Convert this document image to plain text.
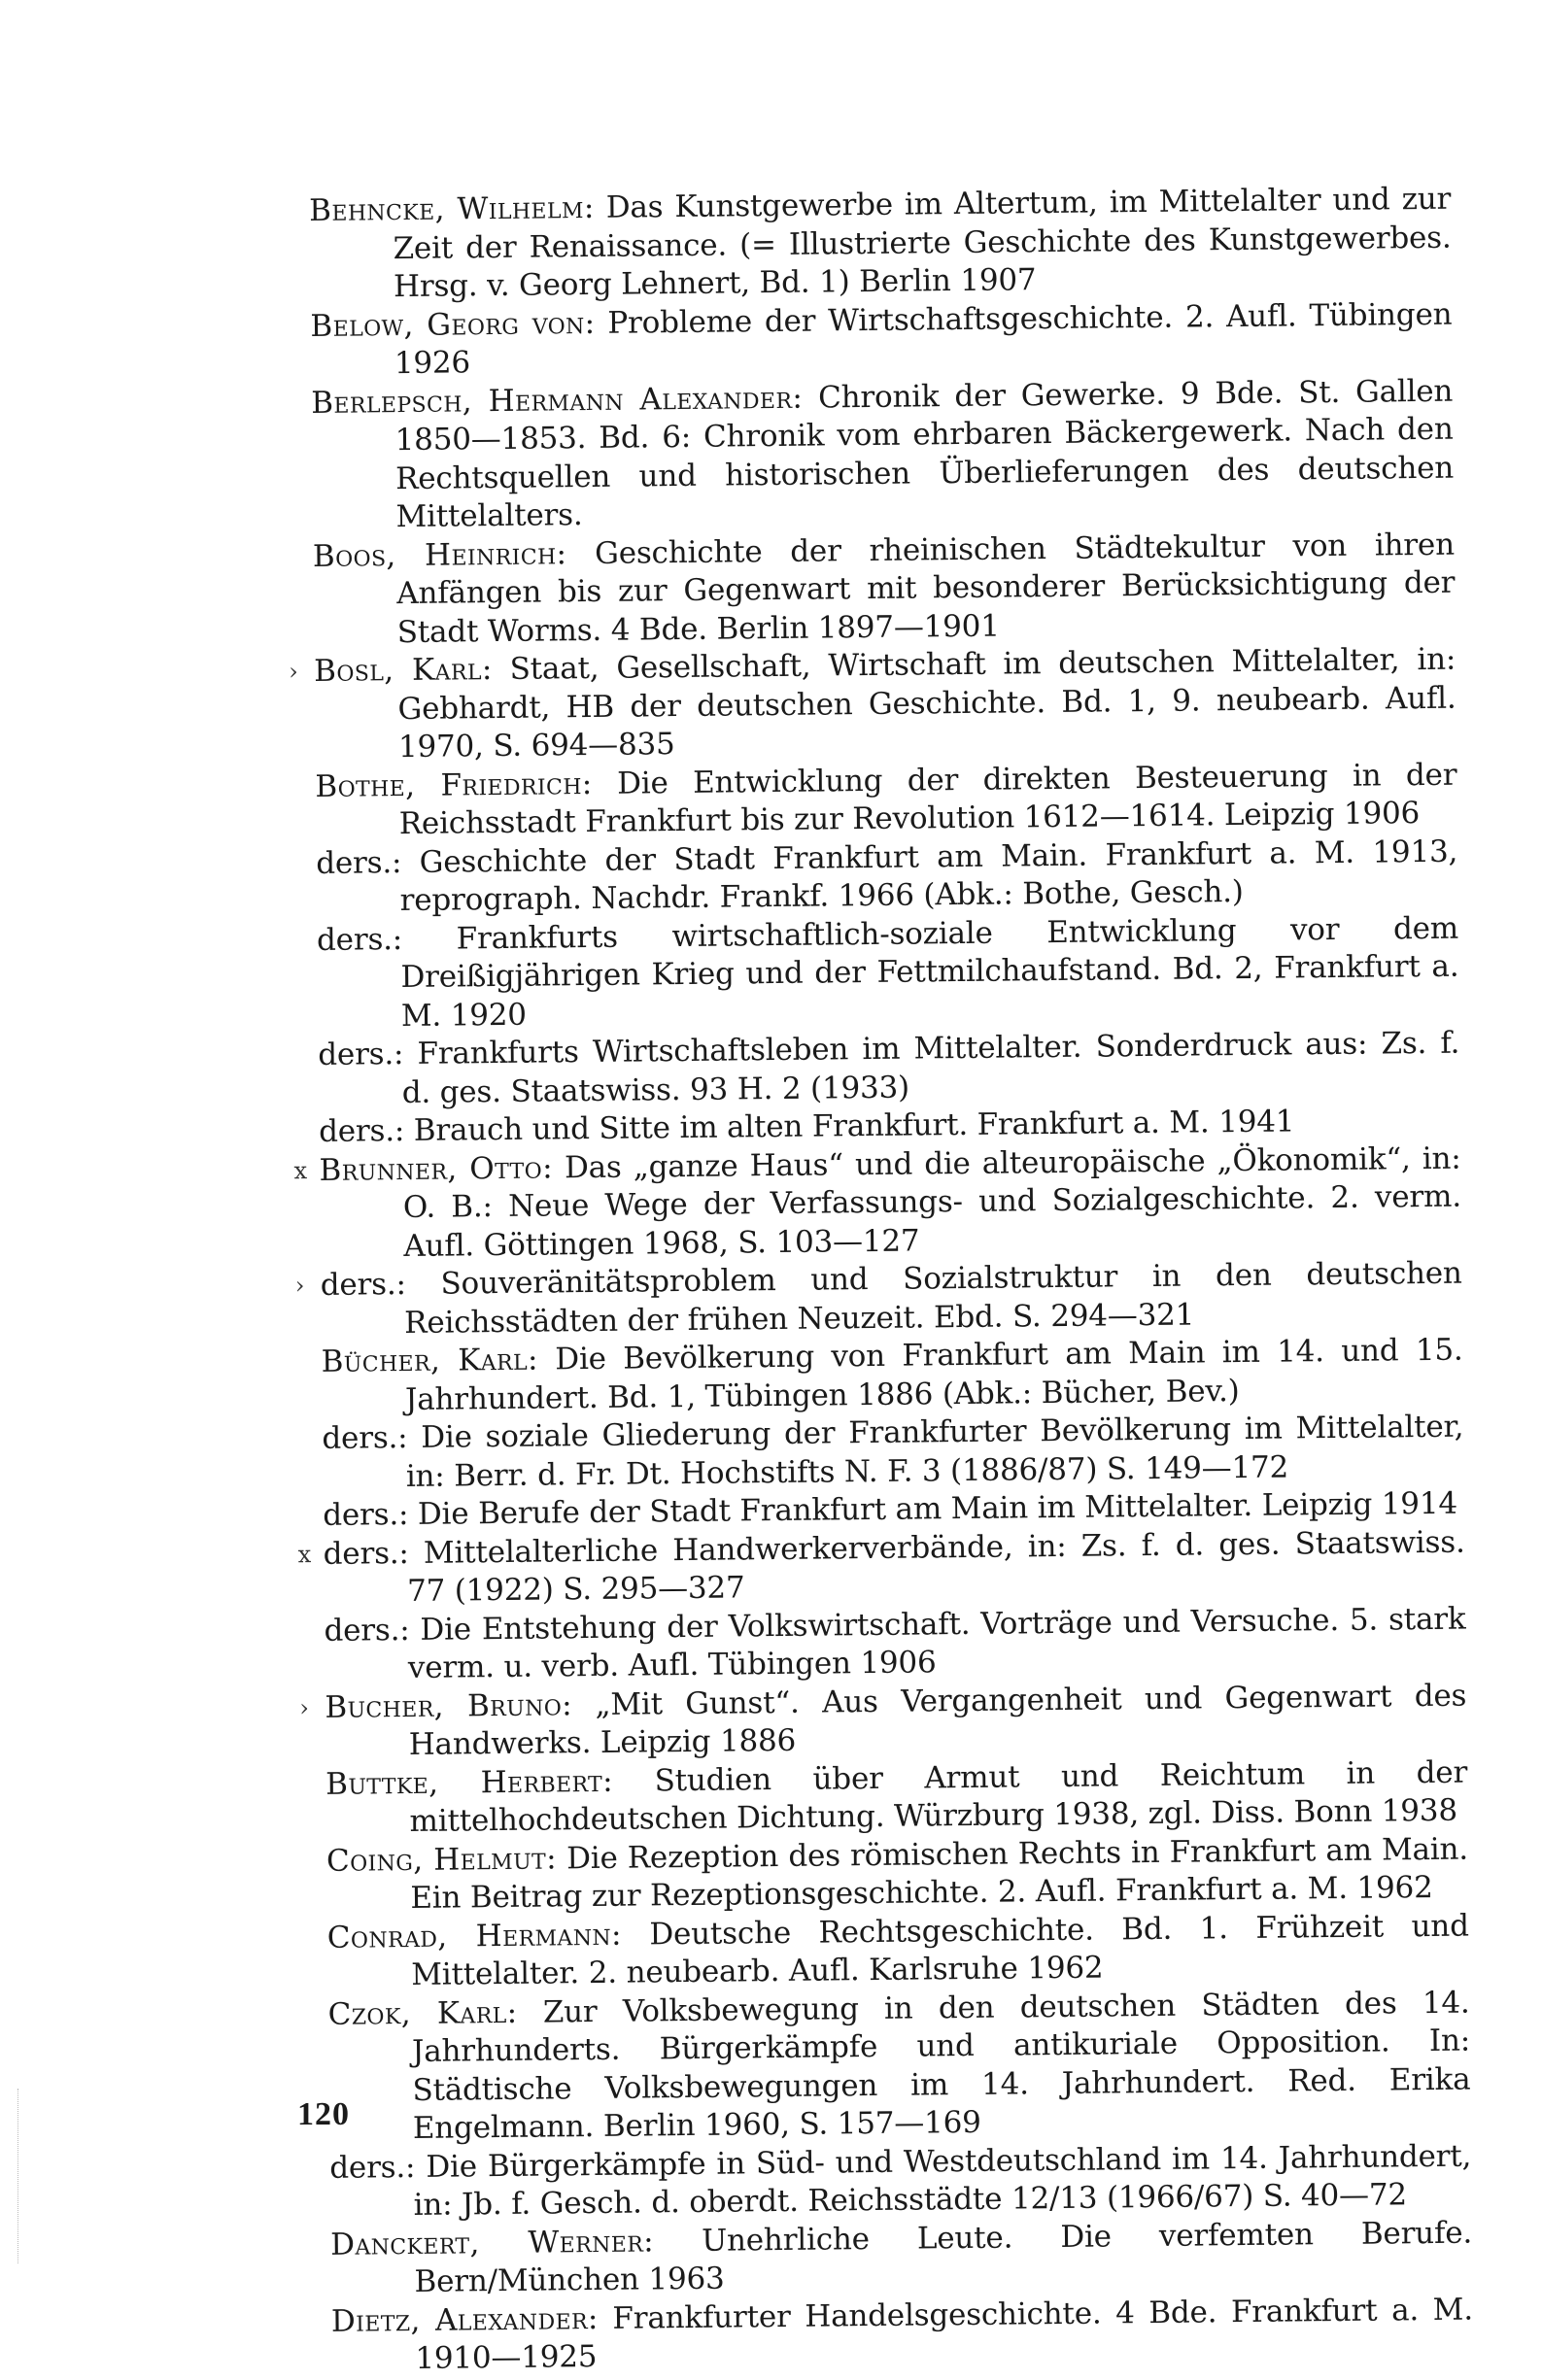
Behncke, Wilhelm: Das Kunstgewerbe im Altertum, im Mittelalter und zur Zeit der Renaissance. (= Illustrierte Geschichte des Kunstgewerbes. Hrsg. v. Georg Lehnert, Bd. 1) Berlin 1907

Below, Georg von: Probleme der Wirtschaftsgeschichte. 2. Aufl. Tübingen 1926

Berlepsch, Hermann Alexander: Chronik der Gewerke. 9 Bde. St. Gallen 1850—1853. Bd. 6: Chronik vom ehrbaren Bäckergewerk. Nach den Rechtsquellen und historischen Überlieferungen des deutschen Mittelalters.

Boos, Heinrich: Geschichte der rheinischen Städtekultur von ihren Anfängen bis zur Gegenwart mit besonderer Berücksichtigung der Stadt Worms. 4 Bde. Berlin 1897—1901

› Bosl, Karl: Staat, Gesellschaft, Wirtschaft im deutschen Mittelalter, in: Gebhardt, HB der deutschen Geschichte. Bd. 1, 9. neubearb. Aufl. 1970, S. 694—835

Bothe, Friedrich: Die Entwicklung der direkten Besteuerung in der Reichsstadt Frankfurt bis zur Revolution 1612—1614. Leipzig 1906

ders.: Geschichte der Stadt Frankfurt am Main. Frankfurt a. M. 1913, reprograph. Nachdr. Frankf. 1966 (Abk.: Bothe, Gesch.)

ders.: Frankfurts wirtschaftlich-soziale Entwicklung vor dem Dreißigjährigen Krieg und der Fettmilchaufstand. Bd. 2, Frankfurt a. M. 1920

ders.: Frankfurts Wirtschaftsleben im Mittelalter. Sonderdruck aus: Zs. f. d. ges. Staatswiss. 93 H. 2 (1933)

ders.: Brauch und Sitte im alten Frankfurt. Frankfurt a. M. 1941

x Brunner, Otto: Das „ganze Haus“ und die alteuropäische „Ökonomik“, in: O. B.: Neue Wege der Verfassungs- und Sozialgeschichte. 2. verm. Aufl. Göttingen 1968, S. 103—127

› ders.: Souveränitätsproblem und Sozialstruktur in den deutschen Reichsstädten der frühen Neuzeit. Ebd. S. 294—321

Bücher, Karl: Die Bevölkerung von Frankfurt am Main im 14. und 15. Jahrhundert. Bd. 1, Tübingen 1886 (Abk.: Bücher, Bev.)

ders.: Die soziale Gliederung der Frankfurter Bevölkerung im Mittelalter, in: Berr. d. Fr. Dt. Hochstifts N. F. 3 (1886/87) S. 149—172

ders.: Die Berufe der Stadt Frankfurt am Main im Mittelalter. Leipzig 1914

x ders.: Mittelalterliche Handwerkerverbände, in: Zs. f. d. ges. Staatswiss. 77 (1922) S. 295—327

ders.: Die Entstehung der Volkswirtschaft. Vorträge und Versuche. 5. stark verm. u. verb. Aufl. Tübingen 1906

› Bucher, Bruno: „Mit Gunst“. Aus Vergangenheit und Gegenwart des Handwerks. Leipzig 1886

Buttke, Herbert: Studien über Armut und Reichtum in der mittelhochdeutschen Dichtung. Würzburg 1938, zgl. Diss. Bonn 1938

Coing, Helmut: Die Rezeption des römischen Rechts in Frankfurt am Main. Ein Beitrag zur Rezeptionsgeschichte. 2. Aufl. Frankfurt a. M. 1962

Conrad, Hermann: Deutsche Rechtsgeschichte. Bd. 1. Frühzeit und Mittelalter. 2. neubearb. Aufl. Karlsruhe 1962

Czok, Karl: Zur Volksbewegung in den deutschen Städten des 14. Jahrhunderts. Bürgerkämpfe und antikuriale Opposition. In: Städtische Volksbewegungen im 14. Jahrhundert. Red. Erika Engelmann. Berlin 1960, S. 157—169

ders.: Die Bürgerkämpfe in Süd- und Westdeutschland im 14. Jahrhundert, in: Jb. f. Gesch. d. oberdt. Reichsstädte 12/13 (1966/67) S. 40—72

Danckert, Werner: Unehrliche Leute. Die verfemten Berufe. Bern/München 1963

Dietz, Alexander: Frankfurter Handelsgeschichte. 4 Bde. Frankfurt a. M. 1910—1925

120
